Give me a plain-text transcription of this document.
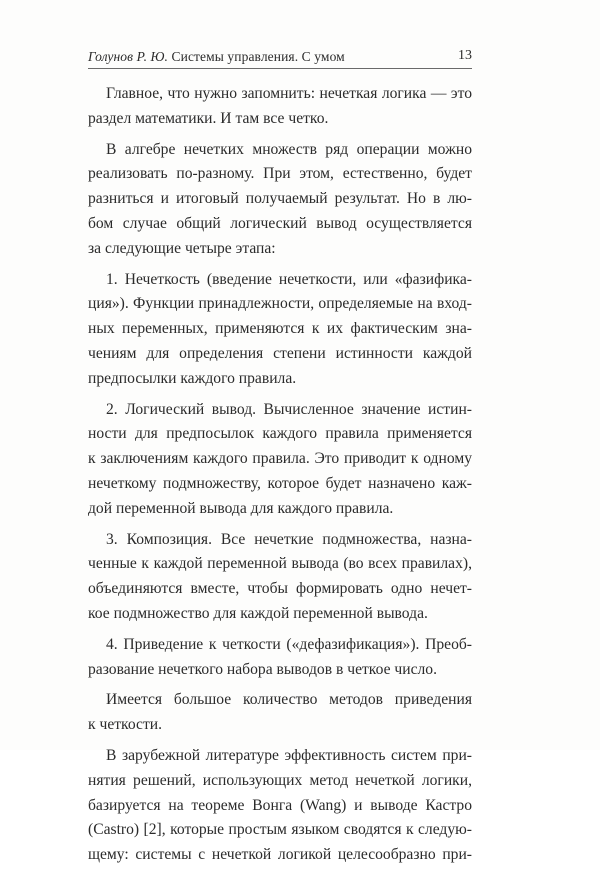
Голунов Р. Ю. Системы управления. С умом	13

Главное, что нужно запомнить: нечеткая логика — это
раздел математики. И там все четко.

В алгебре нечетких множеств ряд операции можно
реализовать по-разному. При этом, естественно, будет
разниться и итоговый получаемый результат. Но в лю-
бом случае общий логический вывод осуществляется
за следующие четыре этапа:

1. Нечеткость (введение нечеткости, или «фазифика-
ция»). Функции принадлежности, определяемые на вход-
ных переменных, применяются к их фактическим зна-
чениям для определения степени истинности каждой
предпосылки каждого правила.

2. Логический вывод. Вычисленное значение истин-
ности для предпосылок каждого правила применяется
к заключениям каждого правила. Это приводит к одному
нечеткому подмножеству, которое будет назначено каж-
дой переменной вывода для каждого правила.

3. Композиция. Все нечеткие подмножества, назна-
ченные к каждой переменной вывода (во всех правилах),
объединяются вместе, чтобы формировать одно нечет-
кое подмножество для каждой переменной вывода.

4. Приведение к четкости («дефазификация»). Преоб-
разование нечеткого набора выводов в четкое число.

Имеется большое количество методов приведения
к четкости.

В зарубежной литературе эффективность систем при-
нятия решений, использующих метод нечеткой логики,
базируется на теореме Вонга (Wang) и выводе Кастро
(Castro) [2], которые простым языком сводятся к следую-
щему: системы с нечеткой логикой целесообразно при-
